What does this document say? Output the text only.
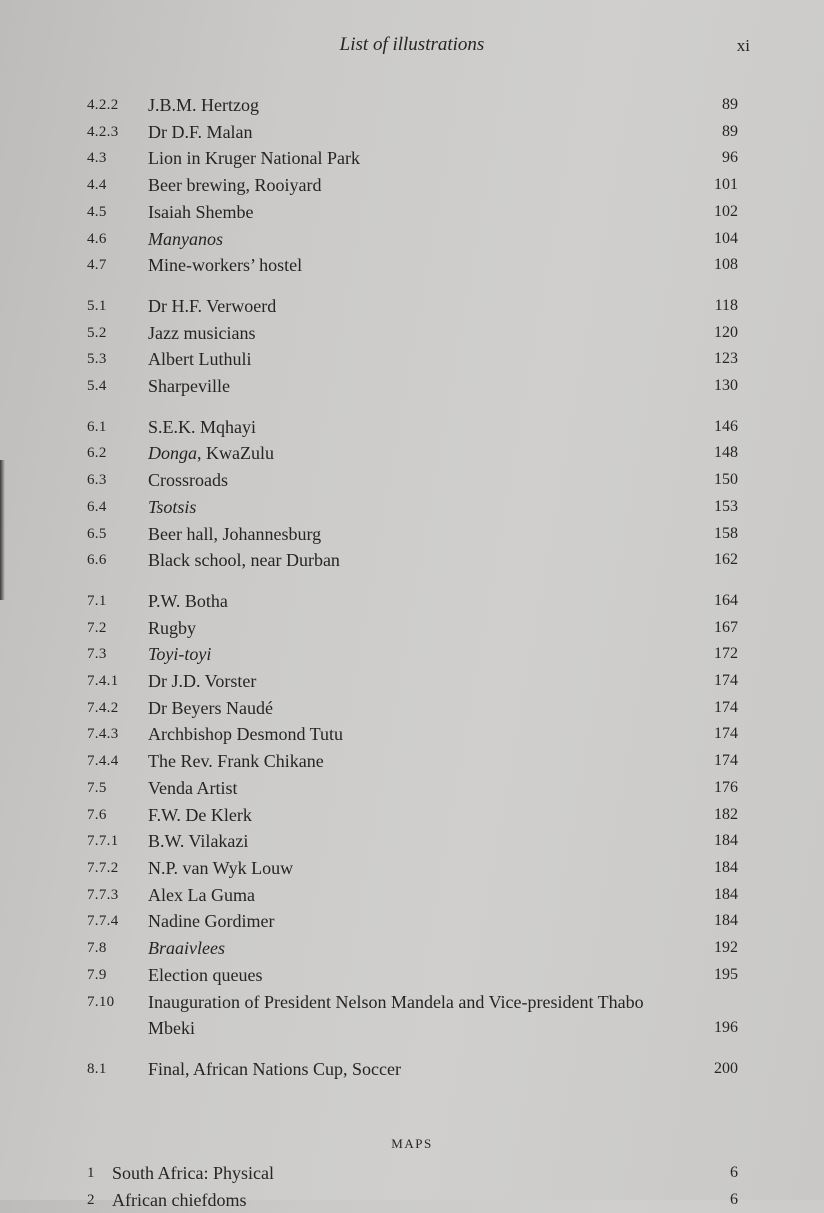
List of illustrations	xi
4.2.2 J.B.M. Hertzog	89
4.2.3 Dr D.F. Malan	89
4.3 Lion in Kruger National Park	96
4.4 Beer brewing, Rooiyard	101
4.5 Isaiah Shembe	102
4.6 Manyanos	104
4.7 Mine-workers’ hostel	108
5.1 Dr H.F. Verwoerd	118
5.2 Jazz musicians	120
5.3 Albert Luthuli	123
5.4 Sharpeville	130
6.1 S.E.K. Mqhayi	146
6.2 Donga, KwaZulu	148
6.3 Crossroads	150
6.4 Tsotsis	153
6.5 Beer hall, Johannesburg	158
6.6 Black school, near Durban	162
7.1 P.W. Botha	164
7.2 Rugby	167
7.3 Toyi-toyi	172
7.4.1 Dr J.D. Vorster	174
7.4.2 Dr Beyers Naudé	174
7.4.3 Archbishop Desmond Tutu	174
7.4.4 The Rev. Frank Chikane	174
7.5 Venda Artist	176
7.6 F.W. De Klerk	182
7.7.1 B.W. Vilakazi	184
7.7.2 N.P. van Wyk Louw	184
7.7.3 Alex La Guma	184
7.7.4 Nadine Gordimer	184
7.8 Braaivlees	192
7.9 Election queues	195
7.10 Inauguration of President Nelson Mandela and Vice-president Thabo Mbeki	196
8.1 Final, African Nations Cup, Soccer	200
MAPS
1 South Africa: Physical	6
2 African chiefdoms	6
